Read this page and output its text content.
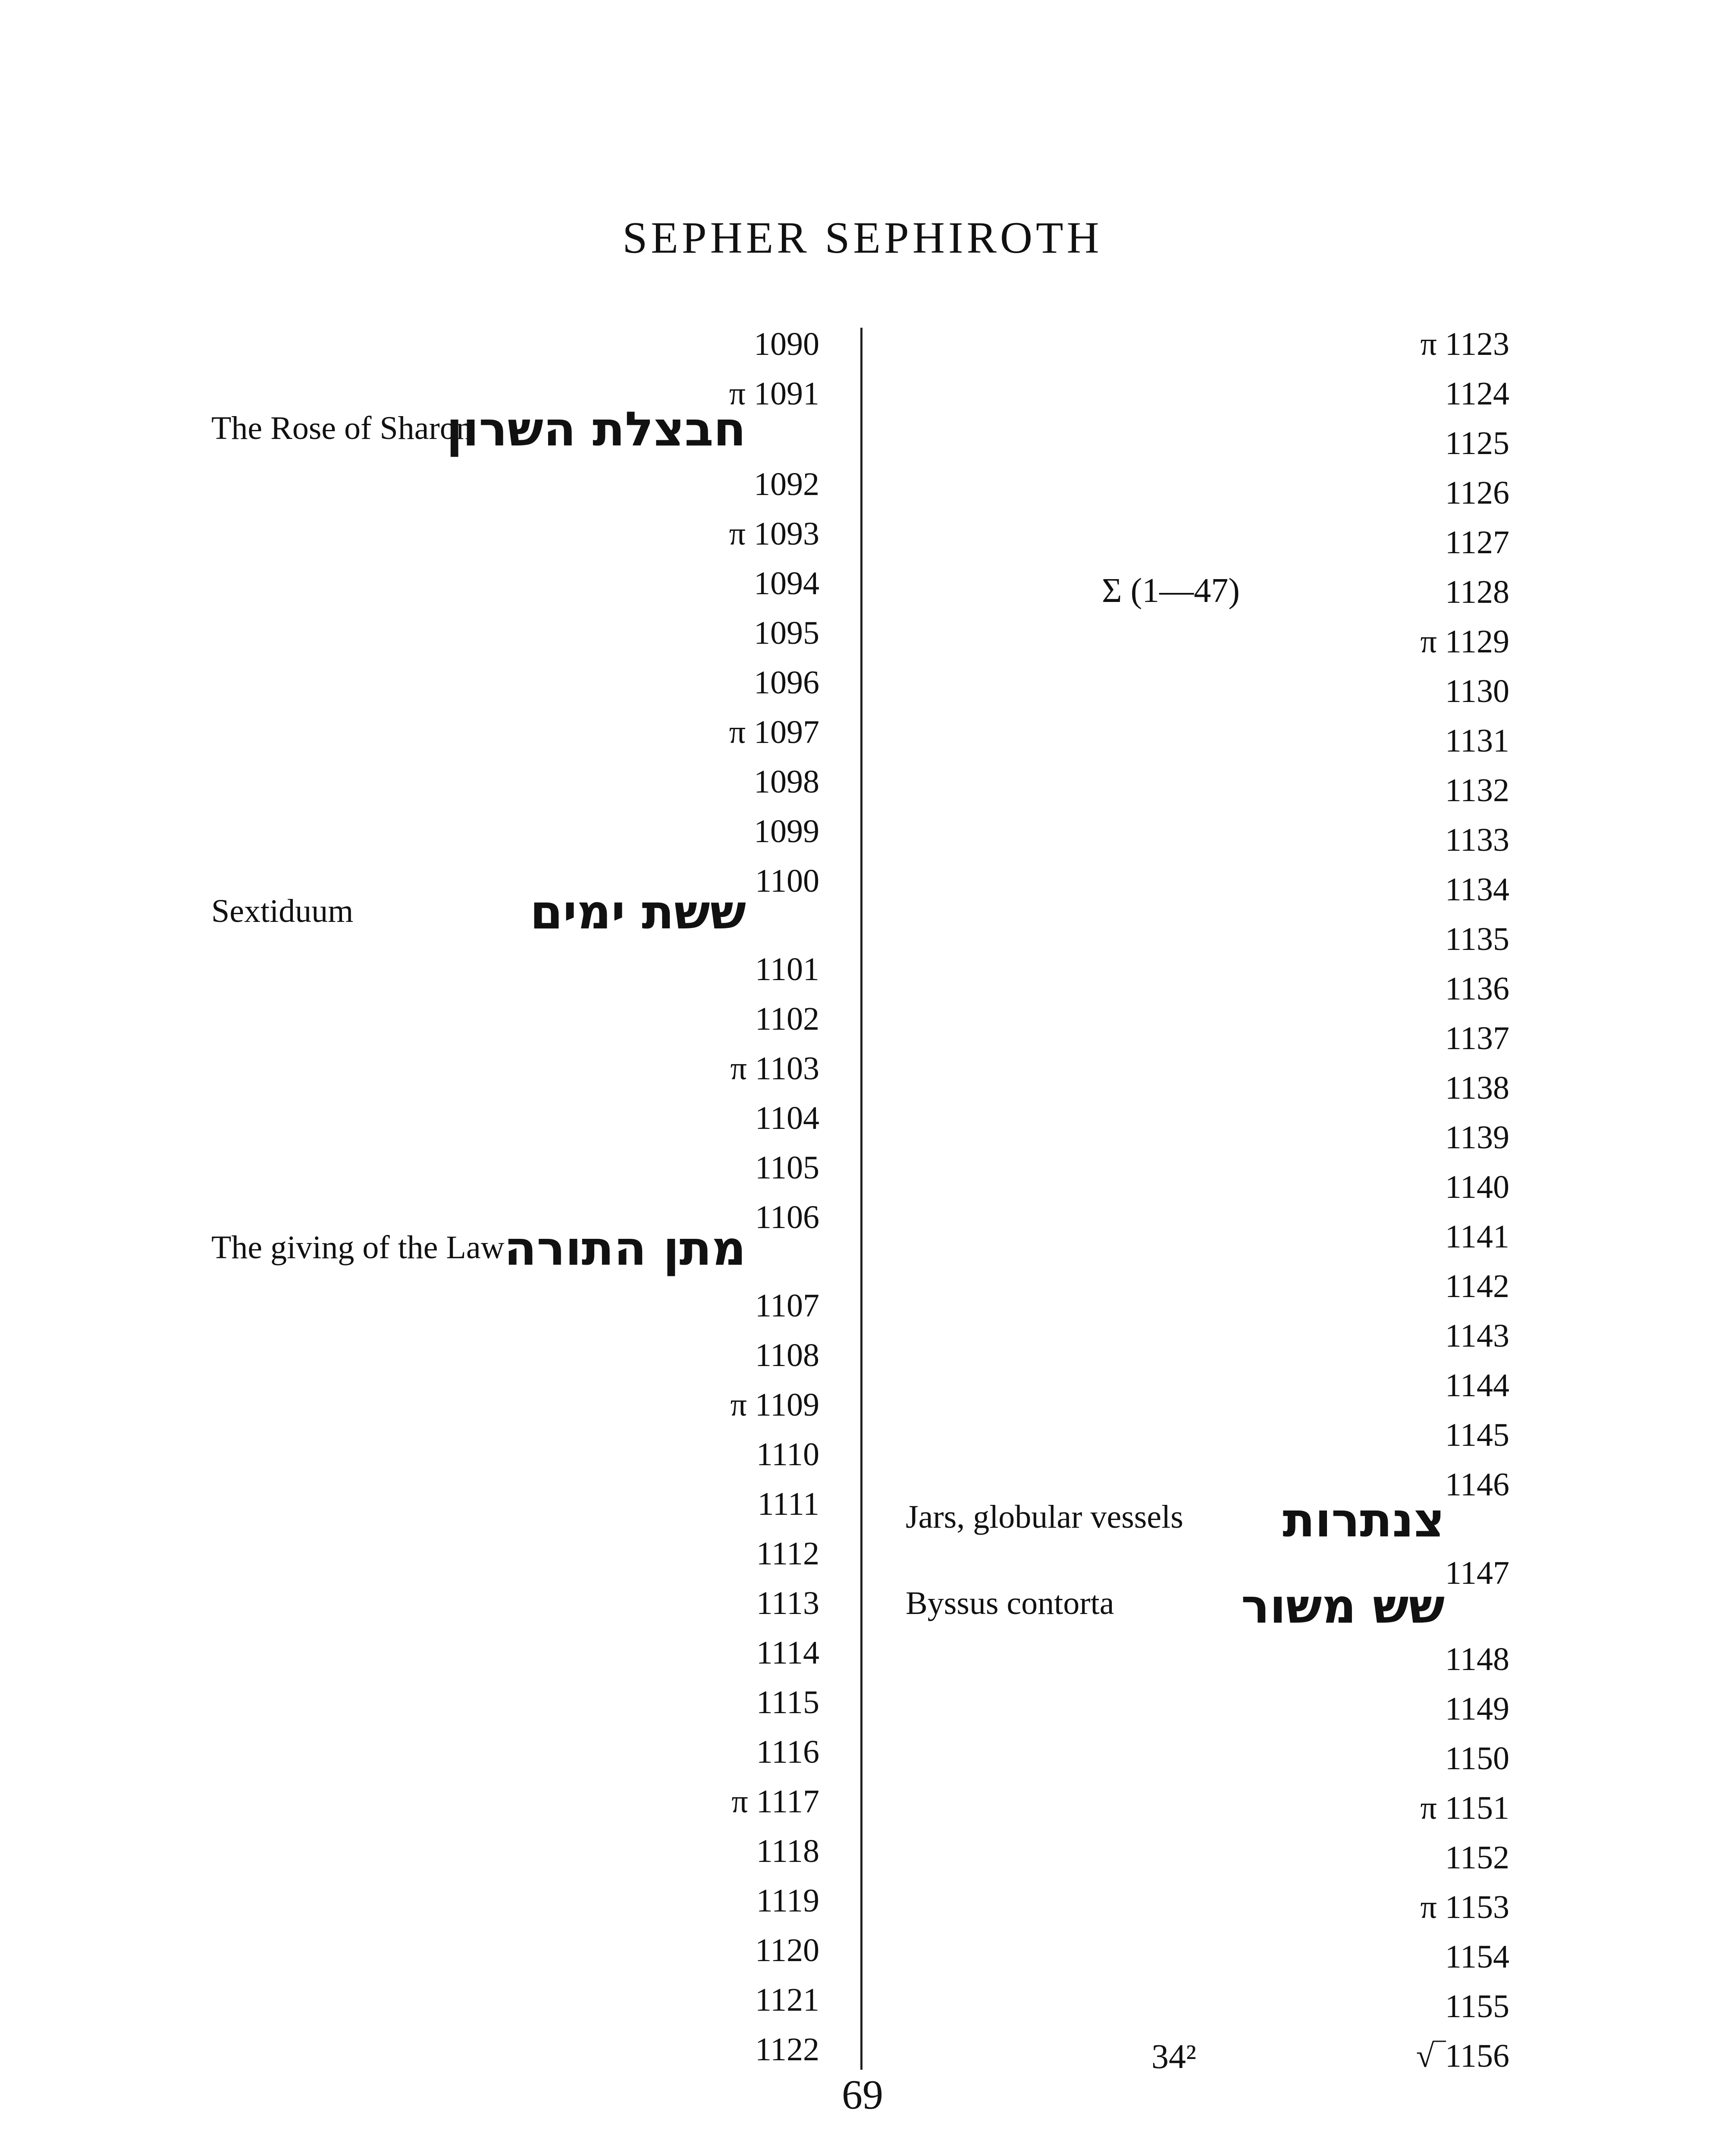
SEPHER SEPHIROTH
1090
π 1091
1092
π 1093
1094
1095
1096
π 1097
1098
1099
1100
1101
1102
π 1103
1104
1105
1106
1107
1108
π 1109
1110
1111
1112
1113
1114
1115
1116
π 1117
1118
1119
1120
1121
1122
The Rose of Sharon
חבצלת השרון
Sextiduum	ששת ימים
The giving of the Law מתן התורה
π 1123
1124
1125
1126
1127
1128
π 1129
1130
1131
1132
1133
1134
1135
1136
1137
1138
1139
1140
1141
1142
1143
1144
1145
1146
1147
1148
1149
1150
π 1151
1152
π 1153
1154
1155
√‾1156
Σ (1—47)
Jars, globular vessels צנתרות
Byssus contorta	שש משור
34²
69
